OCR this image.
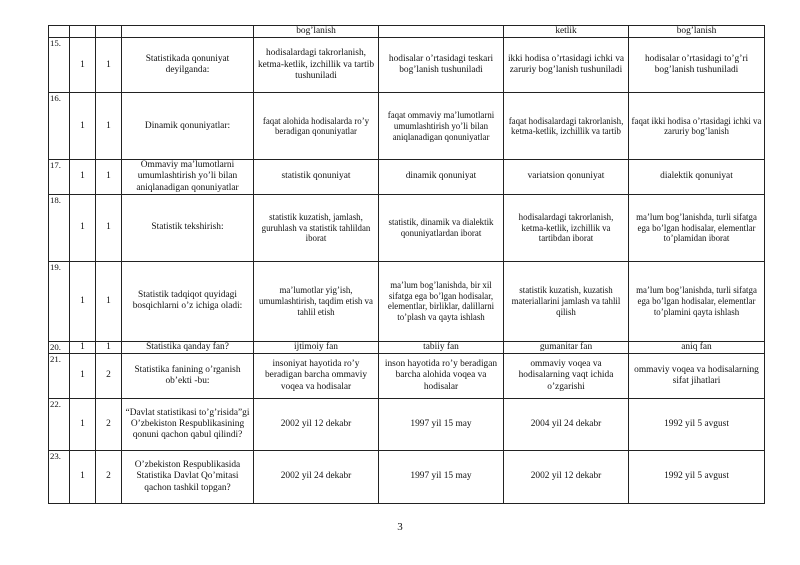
				bog’lanish		ketlik	bog’lanish
15.	1	1	Statistikada qonuniyat deyilganda:	hodisalardagi takrorlanish, ketma-ketlik, izchillik va tartib tushuniladi	hodisalar o’rtasidagi teskari bog’lanish tushuniladi	ikki hodisa o’rtasidagi ichki va zaruriy bog’lanish tushuniladi	hodisalar o’rtasidagi to’g’ri bog’lanish tushuniladi
16.	1	1	Dinamik qonuniyatlar:	faqat alohida hodisalarda ro’y beradigan qonuniyatlar	faqat ommaviy ma’lumotlarni umumlashtirish yo’li bilan aniqlanadigan qonuniyatlar	faqat hodisalardagi takrorlanish, ketma-ketlik, izchillik va tartib	faqat ikki hodisa o’rtasidagi ichki va zaruriy bog’lanish
17.	1	1	Ommaviy ma’lumotlarni umumlashtirish yo’li bilan aniqlanadigan qonuniyatlar	statistik qonuniyat	dinamik qonuniyat	variatsion qonuniyat	dialektik qonuniyat
18.	1	1	Statistik tekshirish:	statistik kuzatish, jamlash, guruhlash va statistik tahlildan iborat	statistik, dinamik va dialektik qonuniyatlardan iborat	hodisalardagi takrorlanish, ketma-ketlik, izchillik va tartibdan iborat	ma’lum bog’lanishda, turli sifatga ega bo’lgan hodisalar, elementlar to’plamidan iborat
19.	1	1	Statistik tadqiqot quyidagi bosqichlarni o’z ichiga oladi:	ma’lumotlar yig’ish, umumlashtirish, taqdim etish va tahlil etish	ma’lum bog’lanishda, bir xil sifatga ega bo’lgan hodisalar, elementlar, birliklar, dalillarni to’plash va qayta ishlash	statistik kuzatish, kuzatish materiallarini jamlash va tahlil qilish	ma’lum bog’lanishda, turli sifatga ega bo’lgan hodisalar, elementlar to’plamini qayta ishlash
20.	1	1	Statistika qanday fan?	ijtimoiy fan	tabiiy fan	gumanitar fan	aniq fan
21.	1	2	Statistika fanining o’rganish ob’ekti -bu:	insoniyat hayotida ro’y beradigan barcha ommaviy voqea va hodisalar	inson hayotida ro’y beradigan barcha alohida voqea va hodisalar	ommaviy voqea va hodisalarning vaqt ichida o’zgarishi	ommaviy voqea va hodisalarning sifat jihatlari
22.	1	2	“Davlat statistikasi to’g’risida”gi O’zbekiston Respublikasining qonuni qachon qabul qilindi?	2002 yil 12 dekabr	1997 yil 15 may	2004 yil 24 dekabr	1992 yil 5 avgust
23.	1	2	O’zbekiston Respublikasida Statistika Davlat Qo’mitasi qachon tashkil topgan?	2002 yil 24 dekabr	1997 yil 15 may	2002 yil 12 dekabr	1992 yil 5 avgust
3
